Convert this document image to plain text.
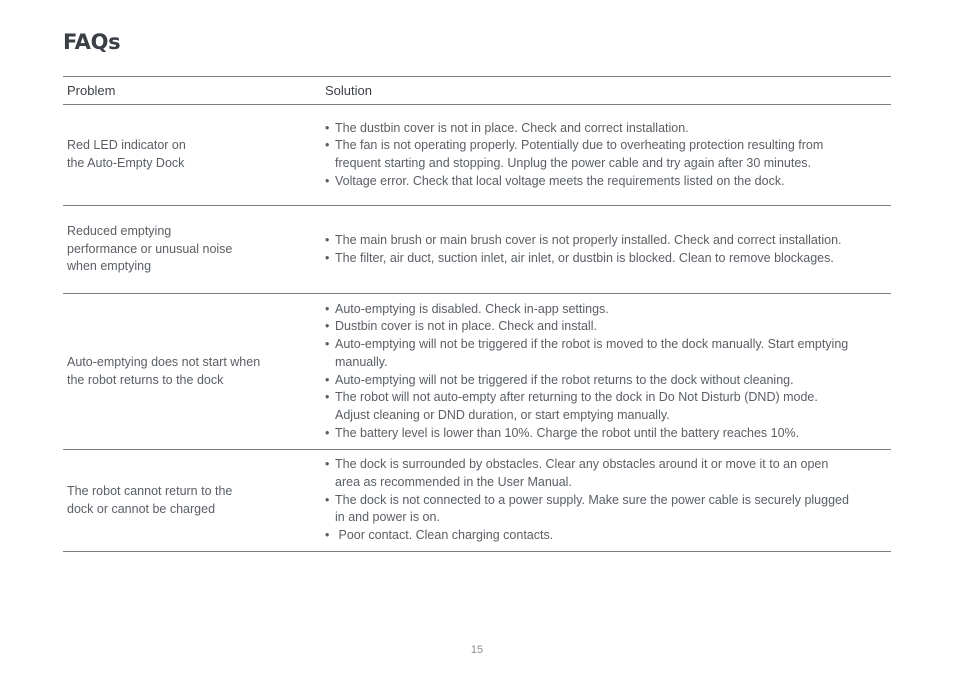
FAQs
Problem	Solution
Red LED indicator on
the Auto-Empty Dock
• The dustbin cover is not in place. Check and correct installation.
• The fan is not operating properly. Potentially due to overheating protection resulting from frequent starting and stopping. Unplug the power cable and try again after 30 minutes.
• Voltage error. Check that local voltage meets the requirements listed on the dock.
Reduced emptying
performance or unusual noise
when emptying
• The main brush or main brush cover is not properly installed. Check and correct installation.
• The filter, air duct, suction inlet, air inlet, or dustbin is blocked. Clean to remove blockages.
Auto-emptying does not start when
the robot returns to the dock
• Auto-emptying is disabled. Check in-app settings.
• Dustbin cover is not in place. Check and install.
• Auto-emptying will not be triggered if the robot is moved to the dock manually. Start emptying manually.
• Auto-emptying will not be triggered if the robot returns to the dock without cleaning.
• The robot will not auto-empty after returning to the dock in Do Not Disturb (DND) mode. Adjust cleaning or DND duration, or start emptying manually.
• The battery level is lower than 10%. Charge the robot until the battery reaches 10%.
The robot cannot return to the
dock or cannot be charged
• The dock is surrounded by obstacles. Clear any obstacles around it or move it to an open area as recommended in the User Manual.
• The dock is not connected to a power supply. Make sure the power cable is securely plugged in and power is on.
• Poor contact. Clean charging contacts.
15
